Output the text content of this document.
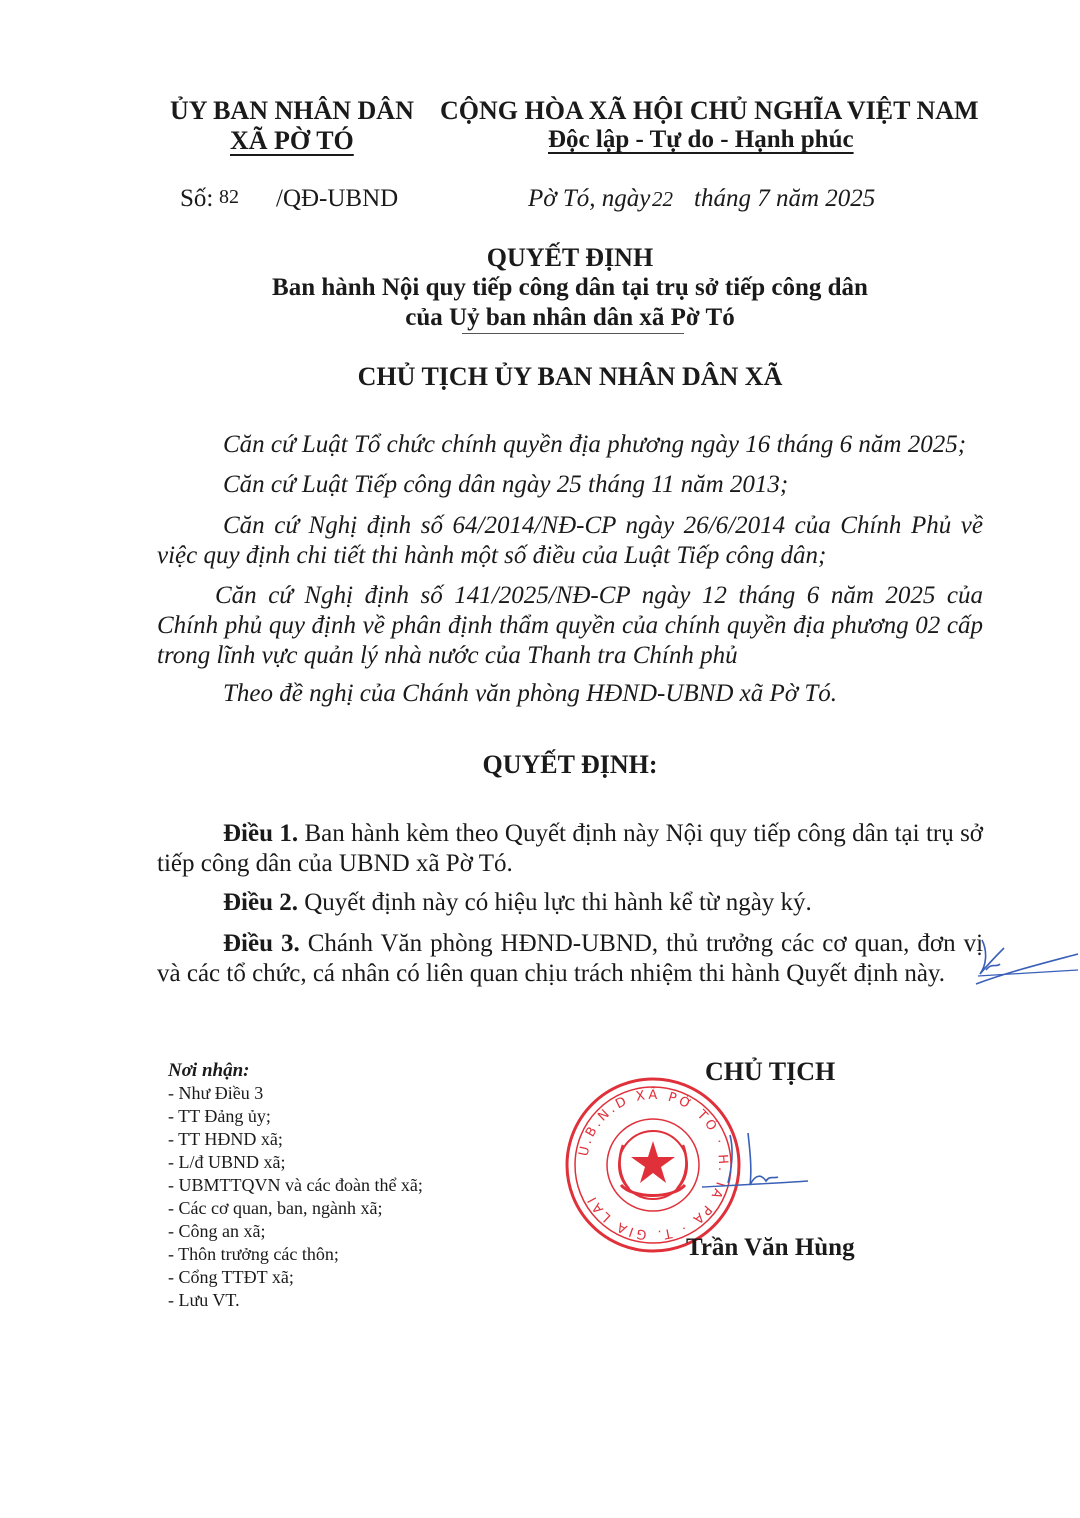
ỦY BAN NHÂN DÂN
XÃ PỜ TÓ
CỘNG HÒA XÃ HỘI CHỦ NGHĨA VIỆT NAM
Độc lập - Tự do - Hạnh phúc
Số: 82 /QĐ-UBND	Pờ Tó, ngày 22 tháng 7 năm 2025
QUYẾT ĐỊNH
Ban hành Nội quy tiếp công dân tại trụ sở tiếp công dân
của Uỷ ban nhân dân xã Pờ Tó
CHỦ TỊCH ỦY BAN NHÂN DÂN XÃ
Căn cứ Luật Tổ chức chính quyền địa phương ngày 16 tháng 6 năm 2025;
Căn cứ Luật Tiếp công dân ngày 25 tháng 11 năm 2013;
Căn cứ Nghị định số 64/2014/NĐ-CP ngày 26/6/2014 của Chính Phủ về việc quy định chi tiết thi hành một số điều của Luật Tiếp công dân;
Căn cứ Nghị định số 141/2025/NĐ-CP ngày 12 tháng 6 năm 2025 của Chính phủ quy định về phân định thẩm quyền của chính quyền địa phương 02 cấp trong lĩnh vực quản lý nhà nước của Thanh tra Chính phủ
Theo đề nghị của Chánh văn phòng HĐND-UBND xã Pờ Tó.
QUYẾT ĐỊNH:
Điều 1. Ban hành kèm theo Quyết định này Nội quy tiếp công dân tại trụ sở tiếp công dân của UBND xã Pờ Tó.
Điều 2. Quyết định này có hiệu lực thi hành kể từ ngày ký.
Điều 3. Chánh Văn phòng HĐND-UBND, thủ trưởng các cơ quan, đơn vị và các tổ chức, cá nhân có liên quan chịu trách nhiệm thi hành Quyết định này.
Nơi nhận:
- Như Điều 3
- TT Đảng ủy;
- TT HĐND xã;
- L/đ UBND xã;
- UBMTTQVN và các đoàn thể xã;
- Các cơ quan, ban, ngành xã;
- Công an xã;
- Thôn trưởng các thôn;
- Cổng TTĐT xã;
- Lưu VT.
CHỦ TỊCH
U.B.N.D XÃ PỜ TÓ · H. IA PA · T. GIA LAI
Trần Văn Hùng
